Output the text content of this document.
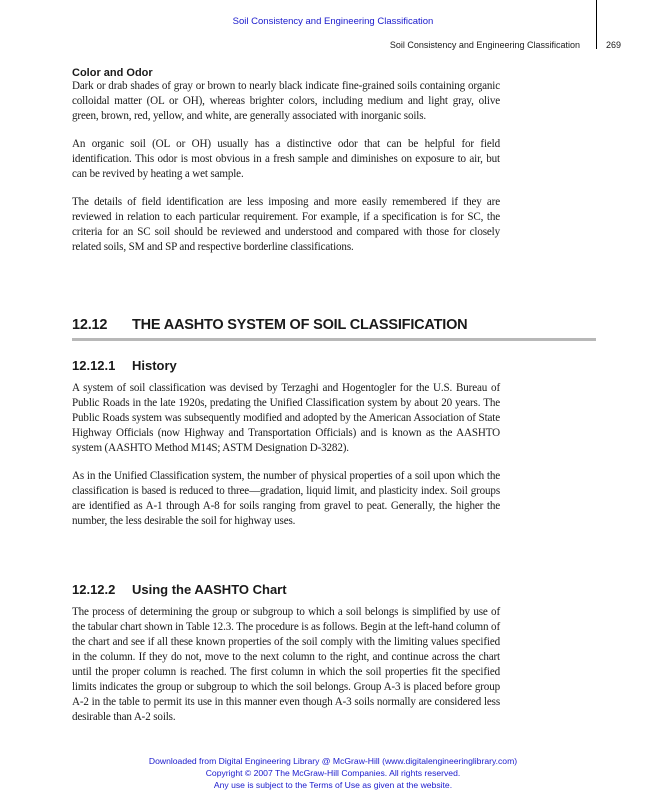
Soil Consistency and Engineering Classification
Soil Consistency and Engineering Classification	269

Color and Odor

Dark or drab shades of gray or brown to nearly black indicate fine-grained soils containing organic colloidal matter (OL or OH), whereas brighter colors, including medium and light gray, olive green, brown, red, yellow, and white, are generally associated with inorganic soils.

An organic soil (OL or OH) usually has a distinctive odor that can be helpful for field identification. This odor is most obvious in a fresh sample and diminishes on exposure to air, but can be revived by heating a wet sample.

The details of field identification are less imposing and more easily remembered if they are reviewed in relation to each particular requirement. For example, if a specification is for SC, the criteria for an SC soil should be reviewed and understood and compared with those for closely related soils, SM and SP and respective borderline classifications.

12.12 THE AASHTO SYSTEM OF SOIL CLASSIFICATION
12.12.1 History

A system of soil classification was devised by Terzaghi and Hogentogler for the U.S. Bureau of Public Roads in the late 1920s, predating the Unified Classification system by about 20 years. The Public Roads system was subsequently modified and adopted by the American Association of State Highway Officials (now Highway and Transportation Officials) and is known as the AASHTO system (AASHTO Method M14S; ASTM Designation D-3282).

As in the Unified Classification system, the number of physical properties of a soil upon which the classification is based is reduced to three—gradation, liquid limit, and plasticity index. Soil groups are identified as A-1 through A-8 for soils ranging from gravel to peat. Generally, the higher the number, the less desirable the soil for highway uses.

12.12.2 Using the AASHTO Chart

The process of determining the group or subgroup to which a soil belongs is simplified by use of the tabular chart shown in Table 12.3. The procedure is as follows. Begin at the left-hand column of the chart and see if all these known properties of the soil comply with the limiting values specified in the column. If they do not, move to the next column to the right, and continue across the chart until the proper column is reached. The first column in which the soil properties fit the specified limits indicates the group or subgroup to which the soil belongs. Group A-3 is placed before group A-2 in the table to permit its use in this manner even though A-3 soils normally are considered less desirable than A-2 soils.

Downloaded from Digital Engineering Library @ McGraw-Hill (www.digitalengineeringlibrary.com)
Copyright © 2007 The McGraw-Hill Companies. All rights reserved.
Any use is subject to the Terms of Use as given at the website.
